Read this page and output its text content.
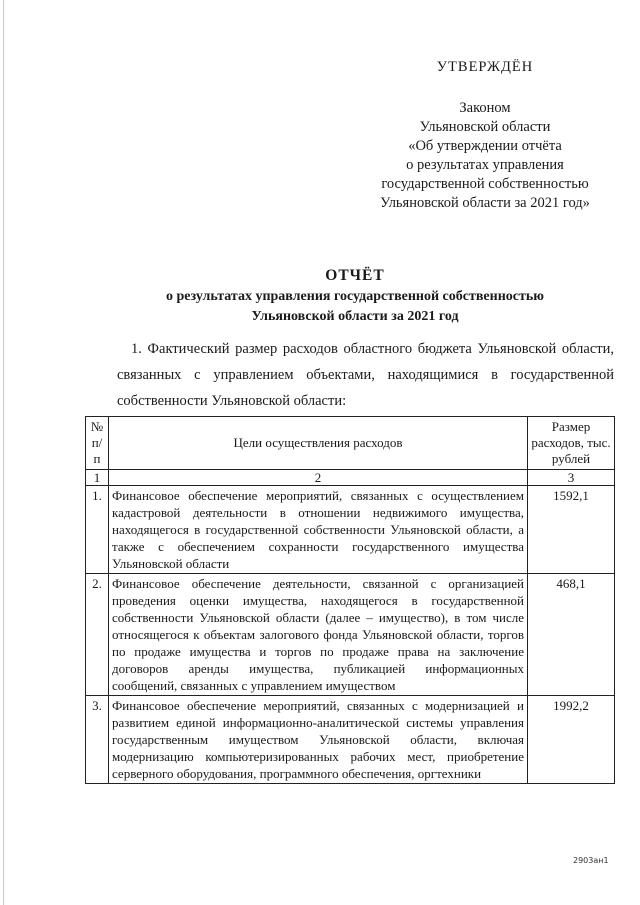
УТВЕРЖДЁН
Законом
Ульяновской области
«Об утверждении отчёта
о результатах управления
государственной собственностью
Ульяновской области за 2021 год»
ОТЧЁТ
о результатах управления государственной собственностью
Ульяновской области за 2021 год
1. Фактический размер расходов областного бюджета Ульяновской области, связанных с управлением объектами, находящимися в государственной собственности Ульяновской области:
№ п/п	Цели осуществления расходов	Размер расходов, тыс. рублей
1	2	3
1.	Финансовое обеспечение мероприятий, связанных с осуществлением кадастровой деятельности в отношении недвижимого имущества, находящегося в государственной собственности Ульяновской области, а также с обеспечением сохранности государственного имущества Ульяновской области	1592,1
2.	Финансовое обеспечение деятельности, связанной с организацией проведения оценки имущества, находящегося в государственной собственности Ульяновской области (далее – имущество), в том числе относящегося к объектам залогового фонда Ульяновской области, торгов по продаже имущества и торгов по продаже права на заключение договоров аренды имущества, публикацией информационных сообщений, связанных с управлением имуществом	468,1
3.	Финансовое обеспечение мероприятий, связанных с модернизацией и развитием единой информационно-аналитической системы управления государственным имуществом Ульяновской области, включая модернизацию компьютеризированных рабочих мест, приобретение серверного оборудования, программного обеспечения, оргтехники	1992,2
2903ан1
